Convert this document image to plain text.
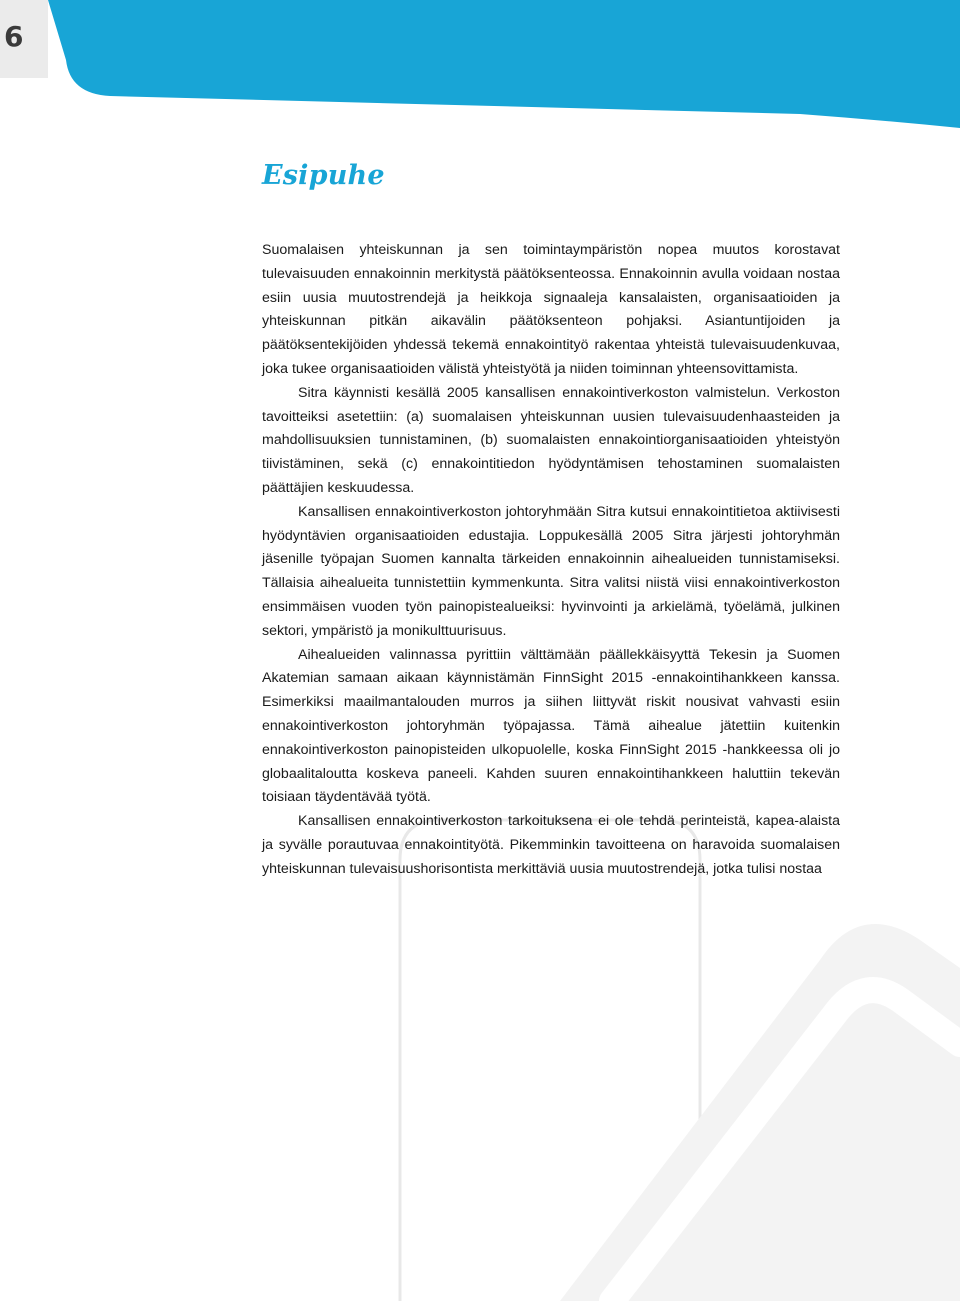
6
Esipuhe

Suomalaisen yhteiskunnan ja sen toimintaympäristön nopea muutos korostavat tulevaisuuden ennakoinnin merkitystä päätöksenteossa. Ennakoinnin avulla voidaan nostaa esiin uusia muutostrendejä ja heikkoja signaaleja kansalaisten, organisaatioiden ja yhteiskunnan pitkän aikavälin päätöksenteon pohjaksi. Asiantuntijoiden ja päätöksentekijöiden yhdessä tekemä ennakointityö rakentaa yhteistä tulevaisuudenkuvaa, joka tukee organisaatioiden välistä yhteistyötä ja niiden toiminnan yhteensovittamista.

Sitra käynnisti kesällä 2005 kansallisen ennakointiverkoston valmistelun. Verkoston tavoitteiksi asetettiin: (a) suomalaisen yhteiskunnan uusien tulevaisuudenhaasteiden ja mahdollisuuksien tunnistaminen, (b) suomalaisten ennakointiorganisaatioiden yhteistyön tiivistäminen, sekä (c) ennakointitiedon hyödyntämisen tehostaminen suomalaisten päättäjien keskuudessa.

Kansallisen ennakointiverkoston johtoryhmään Sitra kutsui ennakointitietoa aktiivisesti hyödyntävien organisaatioiden edustajia. Loppukesällä 2005 Sitra järjesti johtoryhmän jäsenille työpajan Suomen kannalta tärkeiden ennakoinnin aihealueiden tunnistamiseksi. Tällaisia aihealueita tunnistettiin kymmenkunta. Sitra valitsi niistä viisi ennakointiverkoston ensimmäisen vuoden työn painopistealueiksi: hyvinvointi ja arkielämä, työelämä, julkinen sektori, ympäristö ja monikulttuurisuus.

Aihealueiden valinnassa pyrittiin välttämään päällekkäisyyttä Tekesin ja Suomen Akatemian samaan aikaan käynnistämän FinnSight 2015 -ennakointihankkeen kanssa. Esimerkiksi maailmantalouden murros ja siihen liittyvät riskit nousivat vahvasti esiin ennakointiverkoston johtoryhmän työpajassa. Tämä aihealue jätettiin kuitenkin ennakointiverkoston painopisteiden ulkopuolelle, koska FinnSight 2015 -hankkeessa oli jo globaalitaloutta koskeva paneeli. Kahden suuren ennakointihankkeen haluttiin tekevän toisiaan täydentävää työtä.

Kansallisen ennakointiverkoston tarkoituksena ei ole tehdä perinteistä, kapea-alaista ja syvälle porautuvaa ennakointityötä. Pikemminkin tavoitteena on haravoida suomalaisen yhteiskunnan tulevaisuushorisontista merkittäviä uusia muutostrendejä, jotka tulisi nostaa
